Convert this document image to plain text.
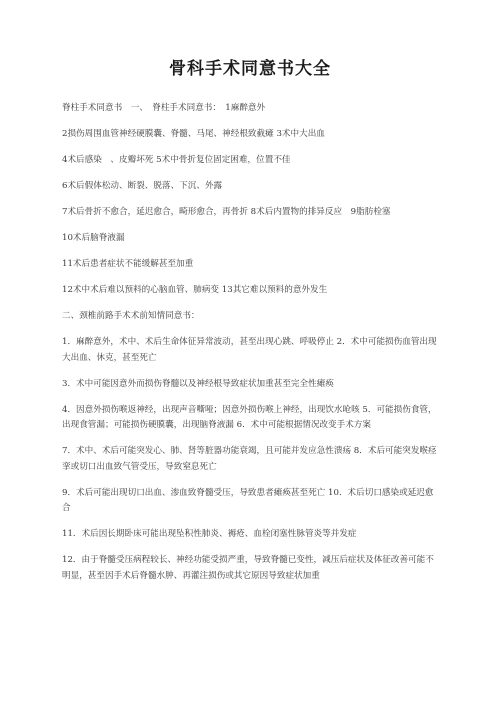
骨科手术同意书大全

脊柱手术同意书　一、　脊柱手术同意书：　1麻醉意外

2损伤周围血管神经硬膜囊、脊髓、马尾、神经根致截瘫 3术中大出血

4术后感染　、皮瓣坏死 5术中骨折复位固定困难，位置不佳

6术后假体松动、断裂、脱落、下沉、外露

7术后骨折不愈合，延迟愈合，畸形愈合，再骨折 8术后内置物的排异反应　9脂肪栓塞

10术后脑脊液漏

11术后患者症状不能缓解甚至加重

12术中术后难以预料的心脑血管、肺病变 13其它难以预料的意外发生

二、颈椎前路手术术前知情同意书：

1．麻醉意外，术中、术后生命体征异常波动，甚至出现心跳、呼吸停止 2．术中可能损伤血管出现大出血、休克，甚至死亡

3．术中可能因意外而损伤脊髓以及神经根导致症状加重甚至完全性瘫痪

4．因意外损伤喉返神经，出现声音嘶哑；因意外损伤喉上神经，出现饮水呛咳 5．可能损伤食管，出现食管漏；可能损伤硬膜囊，出现脑脊液漏 6．术中可能根据情况改变手术方案

7．术中、术后可能突发心、肺、肾等脏器功能衰竭，且可能并发应急性溃疡 8．术后可能突发喉痉挛或切口出血致气管受压，导致窒息死亡

9．术后可能出现切口出血、渗血致脊髓受压，导致患者瘫痪甚至死亡 10．术后切口感染或延迟愈合

11．术后因长期卧床可能出现坠积性肺炎、褥疮、血栓闭塞性脉管炎等并发症

12．由于脊髓受压病程较长、神经功能受损严重，导致脊髓已变性，减压后症状及体征改善可能不明显，甚至因手术后脊髓水肿、再灌注损伤或其它原因导致症状加重
